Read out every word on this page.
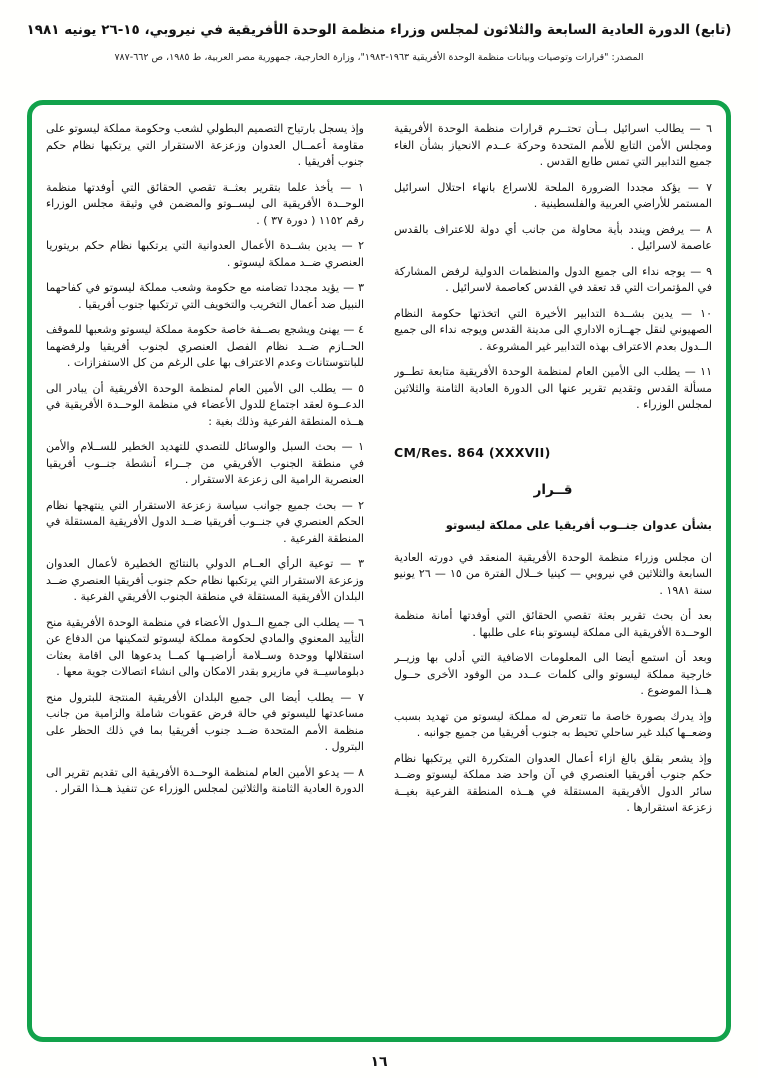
(تابع) الدورة العادية السابعة والثلاثون لمجلس وزراء منظمة الوحدة الأفريقية في نيروبي، ١٥-٢٦ يونيه ١٩٨١
المصدر: "قرارات وتوصيات وبيانات منظمة الوحدة الأفريقية ١٩٦٣-١٩٨٣"، وزارة الخارجية، جمهورية مصر العربية، ط ١٩٨٥، ص ٦٦٢-٧٨٧

٦ — يطالب اسرائيل بــأن تحتــرم قرارات منظمة الوحدة الأفريقية ومجلس الأمن التابع للأمم المتحدة وحركة عــدم الانحياز بشأن الغاء جميع التدابير التي تمس طابع القدس .

٧ — يؤكد مجددا الضرورة الملحة للاسراع بانهاء احتلال اسرائيل المستمر للأراضي العربية والفلسطينية .

٨ — يرفض ويندد بأية محاولة من جانب أي دولة للاعتراف بالقدس عاصمة لاسرائيل .

٩ — يوجه نداء الى جميع الدول والمنظمات الدولية لرفض المشاركة في المؤتمرات التي قد تعقد في القدس كعاصمة لاسرائيل .

١٠ — يدين بشــدة التدابير الأخيرة التي اتخذتها حكومة النظام الصهيوني لنقل جهــازه الاداري الى مدينة القدس ويوجه نداء الى جميع الــدول بعدم الاعتراف بهذه التدابير غير المشروعة .

١١ — يطلب الى الأمين العام لمنظمة الوحدة الأفريقية متابعة تطــور مسألة القدس وتقديم تقرير عنها الى الدورة العادية الثامنة والثلاثين لمجلس الوزراء .

CM/Res. 864 (XXXVII)
قــرار
بشأن عدوان جنــوب أفريقيا على مملكة ليسوتو

ان مجلس وزراء منظمة الوحدة الأفريقية المنعقد في دورته العادية السابعة والثلاثين في نيروبي — كينيا خــلال الفترة من ١٥ — ٢٦ يونيو سنة ١٩٨١ .

بعد أن بحث تقرير بعثة تقصي الحقائق التي أوفدتها أمانة منظمة الوحــدة الأفريقية الى مملكة ليسوتو بناء على طلبها .

وبعد أن استمع أيضا الى المعلومات الاضافية التي أدلى بها وزيــر خارجية مملكة ليسوتو والى كلمات عــدد من الوفود الأخرى حــول هــذا الموضوع .

وإذ يدرك بصورة خاصة ما تتعرض له مملكة ليسوتو من تهديد بسبب وضعــها كبلد غير ساحلي تحيط به جنوب أفريقيا من جميع جوانبه .

وإذ يشعر بقلق بالغ ازاء أعمال العدوان المتكررة التي يرتكبها نظام حكم جنوب أفريقيا العنصري في آن واحد ضد مملكة ليسوتو وضــد سائر الدول الأفريقية المستقلة في هــذه المنطقة الفرعية بغيــة زعزعة استقرارها .

وإذ يسجل بارتياح التصميم البطولي لشعب وحكومة مملكة ليسوتو على مقاومة أعمــال العدوان وزعزعة الاستقرار التي يرتكبها نظام حكم جنوب أفريقيا .

١ — يأخذ علما بتقرير بعثــة تقصي الحقائق التي أوفدتها منظمة الوحــدة الأفريقية الى ليســوتو والمضمن في وثيقة مجلس الوزراء رقم ١١٥٢ ( دورة ٣٧ ) .

٢ — يدين بشــدة الأعمال العدوانية التي يرتكبها نظام حكم بريتوريا العنصري ضــد مملكة ليسوتو .

٣ — يؤيد مجددا تضامنه مع حكومة وشعب مملكة ليسوتو في كفاحهما النبيل ضد أعمال التخريب والتخويف التي ترتكبها جنوب أفريقيا .

٤ — يهنئ ويشجع بصــفة خاصة حكومة مملكة ليسوتو وشعبها للموقف الحــازم ضــد نظام الفصل العنصري لجنوب أفريقيا ولرفضهما للبانتوستانات وعدم الاعتراف بها على الرغم من كل الاستفزازات .

٥ — يطلب الى الأمين العام لمنظمة الوحدة الأفريقية أن يبادر الى الدعــوة لعقد اجتماع للدول الأعضاء في منظمة الوحــدة الأفريقية في هــذه المنطقة الفرعية وذلك بغية :

١ — بحث السبل والوسائل للتصدي للتهديد الخطير للســلام والأمن في منطقة الجنوب الأفريقي من جــراء أنشطة جنــوب أفريقيا العنصرية الرامية الى زعزعة الاستقرار .

٢ — بحث جميع جوانب سياسة زعزعة الاستقرار التي ينتهجها نظام الحكم العنصري في جنــوب أفريقيا ضــد الدول الأفريقية المستقلة في المنطقة الفرعية .

٣ — توعية الرأي العــام الدولي بالنتائج الخطيرة لأعمال العدوان وزعزعة الاستقرار التي يرتكبها نظام حكم جنوب أفريقيا العنصري ضــد البلدان الأفريقية المستقلة في منطقة الجنوب الأفريقي الفرعية .

٦ — يطلب الى جميع الــدول الأعضاء في منظمة الوحدة الأفريقية منح التأييد المعنوي والمادي لحكومة مملكة ليسوتو لتمكينها من الدفاع عن استقلالها ووحدة وســلامة أراضيــها كمــا يدعوها الى اقامة بعثات دبلوماسيــة في مازيرو بقدر الامكان والى انشاء اتصالات جوية معها .

٧ — يطلب أيضا الى جميع البلدان الأفريقية المنتجة للبترول منح مساعدتها لليسوتو في حالة فرض عقوبات شاملة والزامية من جانب منظمة الأمم المتحدة ضــد جنوب أفريقيا بما في ذلك الحظر على البترول .

٨ — يدعو الأمين العام لمنظمة الوحــدة الأفريقية الى تقديم تقرير الى الدورة العادية الثامنة والثلاثين لمجلس الوزراء عن تنفيذ هــذا القرار .

١٦
